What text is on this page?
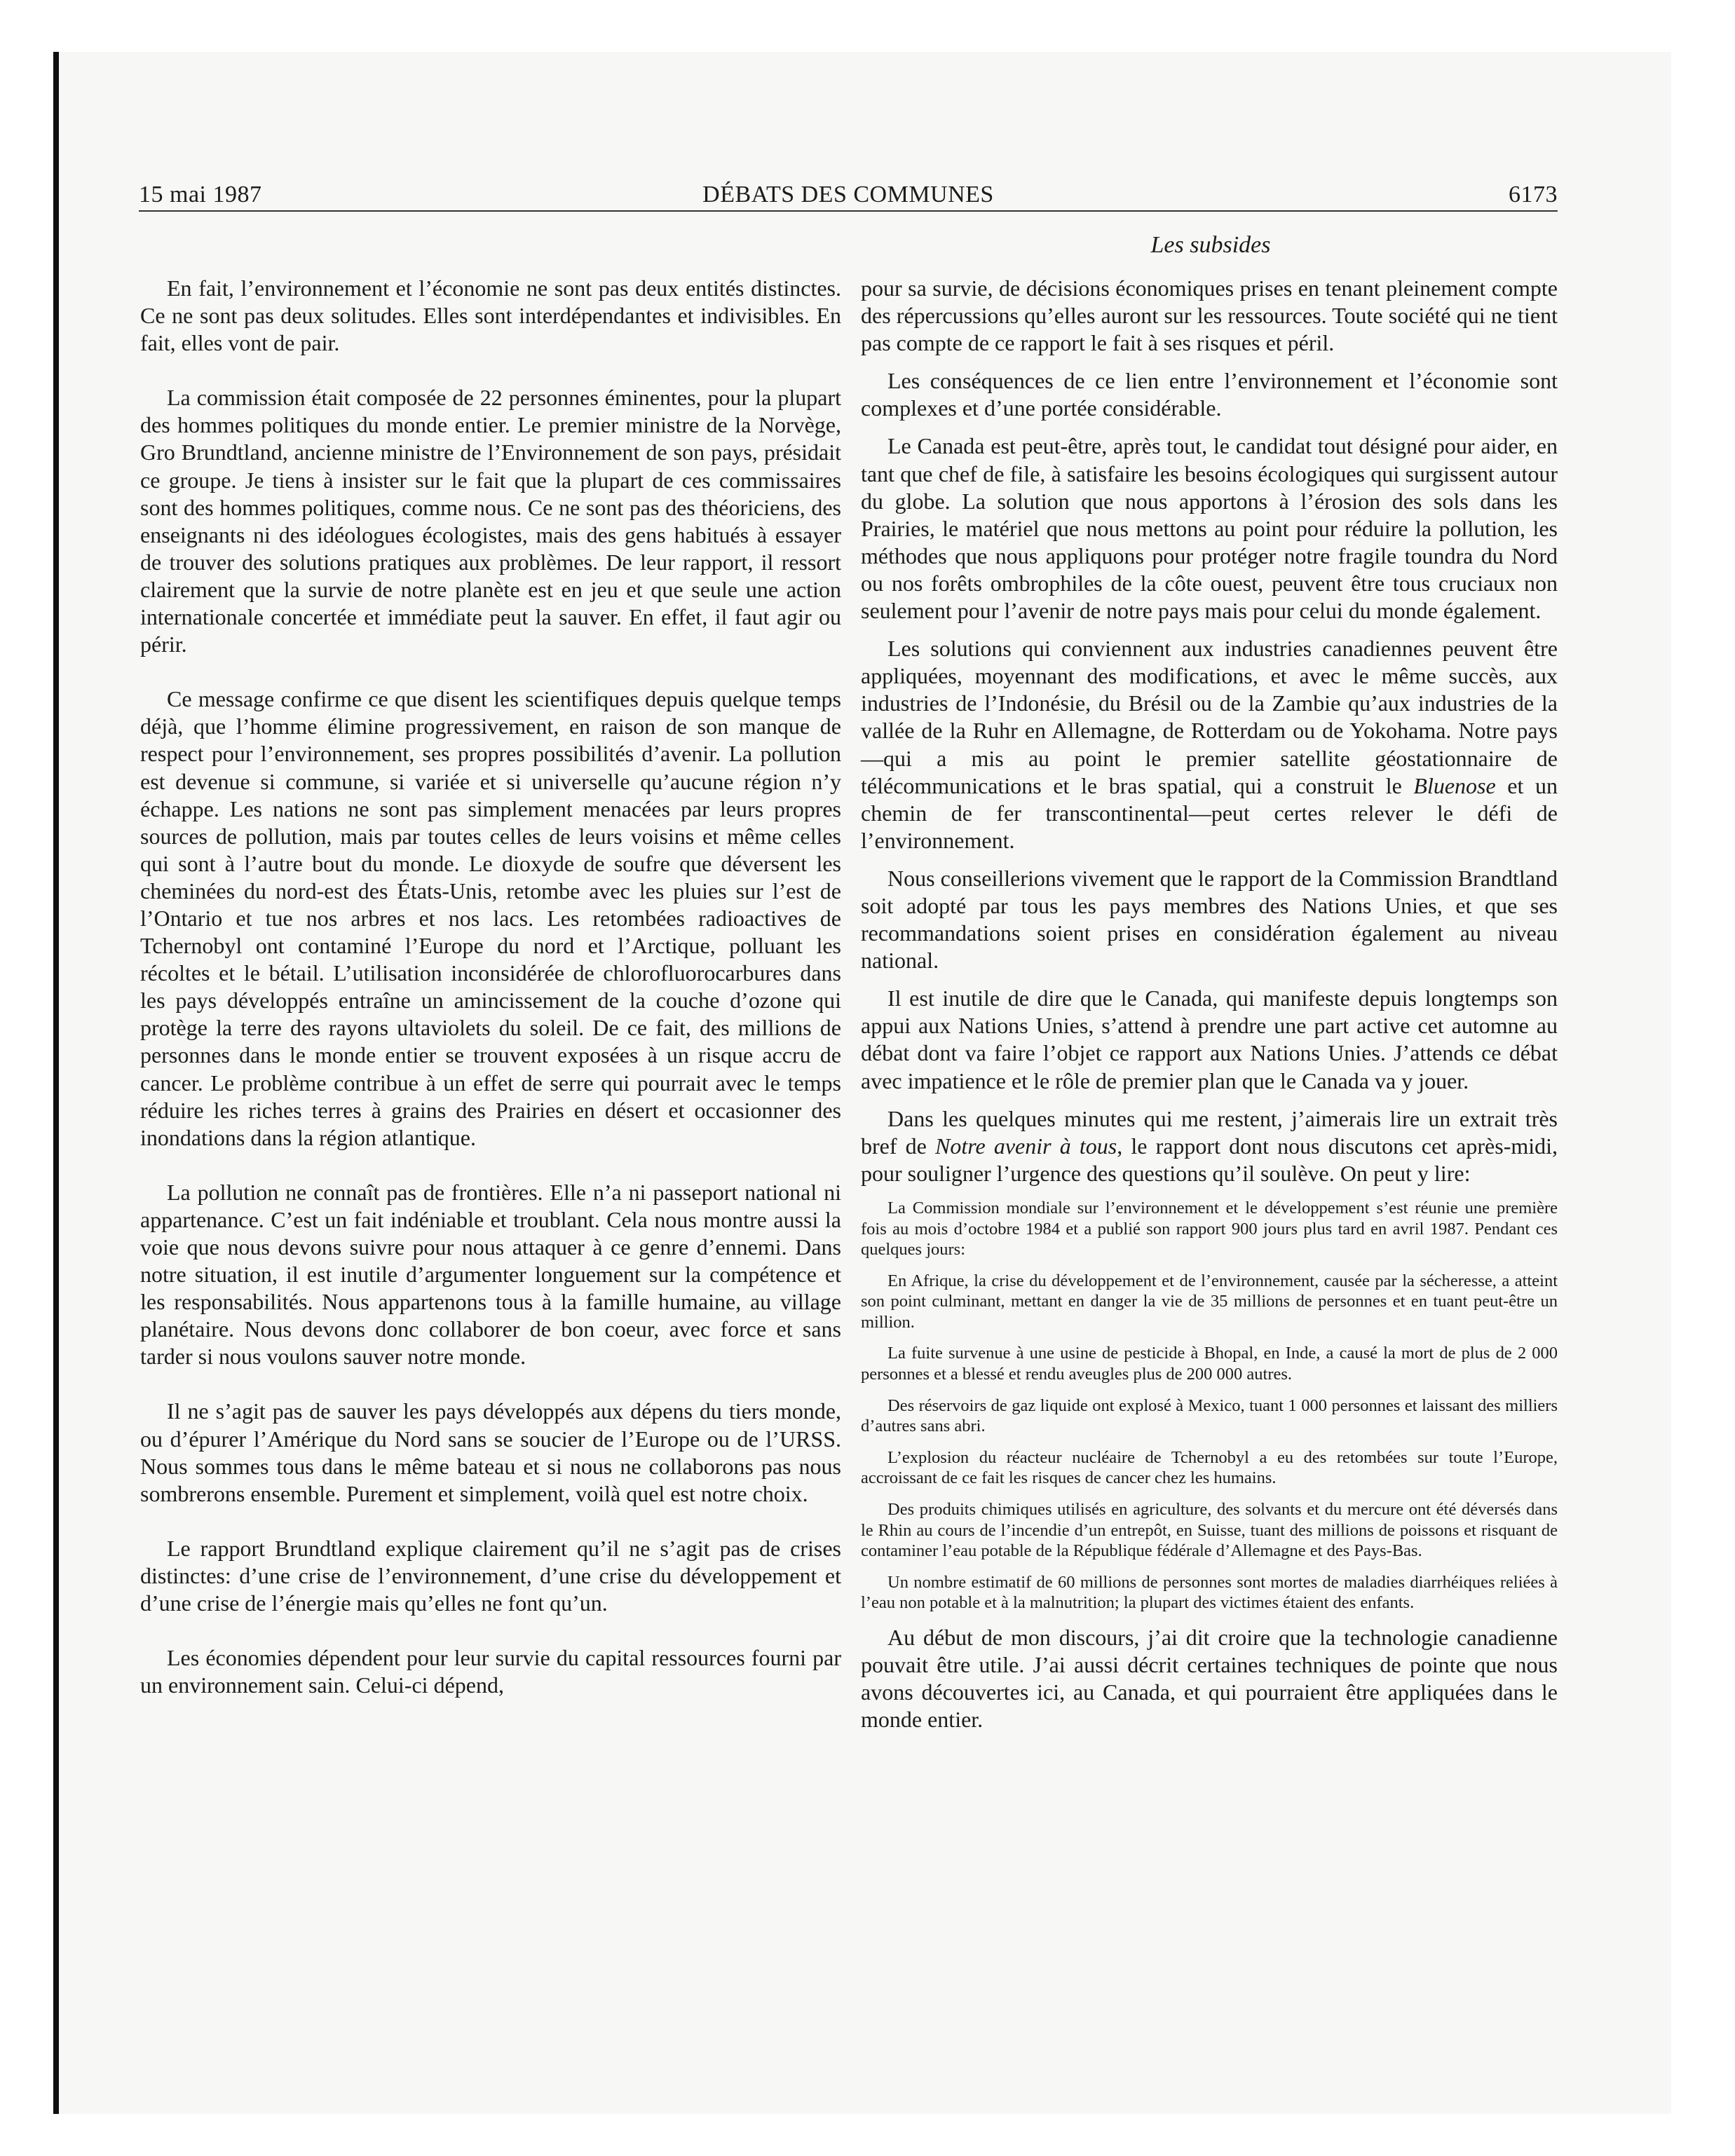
15 mai 1987	DÉBATS DES COMMUNES	6173
Les subsides

En fait, l’environnement et l’économie ne sont pas deux entités distinctes. Ce ne sont pas deux solitudes. Elles sont interdépendantes et indivisibles. En fait, elles vont de pair.

La commission était composée de 22 personnes éminentes, pour la plupart des hommes politiques du monde entier. Le premier ministre de la Norvège, Gro Brundtland, ancienne ministre de l’Environnement de son pays, présidait ce groupe. Je tiens à insister sur le fait que la plupart de ces commissaires sont des hommes politiques, comme nous. Ce ne sont pas des théoriciens, des enseignants ni des idéologues écologistes, mais des gens habitués à essayer de trouver des solutions pratiques aux problèmes. De leur rapport, il ressort clairement que la survie de notre planète est en jeu et que seule une action internationale concertée et immédiate peut la sauver. En effet, il faut agir ou périr.

Ce message confirme ce que disent les scientifiques depuis quelque temps déjà, que l’homme élimine progressivement, en raison de son manque de respect pour l’environnement, ses propres possibilités d’avenir. La pollution est devenue si commune, si variée et si universelle qu’aucune région n’y échappe. Les nations ne sont pas simplement menacées par leurs propres sources de pollution, mais par toutes celles de leurs voisins et même celles qui sont à l’autre bout du monde. Le dioxyde de soufre que déversent les cheminées du nord-est des États-Unis, retombe avec les pluies sur l’est de l’Ontario et tue nos arbres et nos lacs. Les retombées radioactives de Tchernobyl ont contaminé l’Europe du nord et l’Arctique, polluant les récoltes et le bétail. L’utilisation inconsidérée de chlorofluorocarbures dans les pays développés entraîne un amincissement de la couche d’ozone qui protège la terre des rayons ultaviolets du soleil. De ce fait, des millions de personnes dans le monde entier se trouvent exposées à un risque accru de cancer. Le problème contribue à un effet de serre qui pourrait avec le temps réduire les riches terres à grains des Prairies en désert et occasionner des inondations dans la région atlantique.

La pollution ne connaît pas de frontières. Elle n’a ni passeport national ni appartenance. C’est un fait indéniable et troublant. Cela nous montre aussi la voie que nous devons suivre pour nous attaquer à ce genre d’ennemi. Dans notre situation, il est inutile d’argumenter longuement sur la compétence et les responsabilités. Nous appartenons tous à la famille humaine, au village planétaire. Nous devons donc collaborer de bon coeur, avec force et sans tarder si nous voulons sauver notre monde.

Il ne s’agit pas de sauver les pays développés aux dépens du tiers monde, ou d’épurer l’Amérique du Nord sans se soucier de l’Europe ou de l’URSS. Nous sommes tous dans le même bateau et si nous ne collaborons pas nous sombrerons ensemble. Purement et simplement, voilà quel est notre choix.

Le rapport Brundtland explique clairement qu’il ne s’agit pas de crises distinctes: d’une crise de l’environnement, d’une crise du développement et d’une crise de l’énergie mais qu’elles ne font qu’un.

Les économies dépendent pour leur survie du capital ressources fourni par un environnement sain. Celui-ci dépend,

pour sa survie, de décisions économiques prises en tenant pleinement compte des répercussions qu’elles auront sur les ressources. Toute société qui ne tient pas compte de ce rapport le fait à ses risques et péril.

Les conséquences de ce lien entre l’environnement et l’économie sont complexes et d’une portée considérable.

Le Canada est peut-être, après tout, le candidat tout désigné pour aider, en tant que chef de file, à satisfaire les besoins écologiques qui surgissent autour du globe. La solution que nous apportons à l’érosion des sols dans les Prairies, le matériel que nous mettons au point pour réduire la pollution, les méthodes que nous appliquons pour protéger notre fragile toundra du Nord ou nos forêts ombrophiles de la côte ouest, peuvent être tous cruciaux non seulement pour l’avenir de notre pays mais pour celui du monde également.

Les solutions qui conviennent aux industries canadiennes peuvent être appliquées, moyennant des modifications, et avec le même succès, aux industries de l’Indonésie, du Brésil ou de la Zambie qu’aux industries de la vallée de la Ruhr en Allemagne, de Rotterdam ou de Yokohama. Notre pays—qui a mis au point le premier satellite géostationnaire de télécommunications et le bras spatial, qui a construit le Bluenose et un chemin de fer transcontinental—peut certes relever le défi de l’environnement.

Nous conseillerions vivement que le rapport de la Commission Brandtland soit adopté par tous les pays membres des Nations Unies, et que ses recommandations soient prises en considération également au niveau national.

Il est inutile de dire que le Canada, qui manifeste depuis longtemps son appui aux Nations Unies, s’attend à prendre une part active cet automne au débat dont va faire l’objet ce rapport aux Nations Unies. J’attends ce débat avec impatience et le rôle de premier plan que le Canada va y jouer.

Dans les quelques minutes qui me restent, j’aimerais lire un extrait très bref de Notre avenir à tous, le rapport dont nous discutons cet après-midi, pour souligner l’urgence des questions qu’il soulève. On peut y lire:

La Commission mondiale sur l’environnement et le développement s’est réunie une première fois au mois d’octobre 1984 et a publié son rapport 900 jours plus tard en avril 1987. Pendant ces quelques jours:

En Afrique, la crise du développement et de l’environnement, causée par la sécheresse, a atteint son point culminant, mettant en danger la vie de 35 millions de personnes et en tuant peut-être un million.

La fuite survenue à une usine de pesticide à Bhopal, en Inde, a causé la mort de plus de 2 000 personnes et a blessé et rendu aveugles plus de 200 000 autres.

Des réservoirs de gaz liquide ont explosé à Mexico, tuant 1 000 personnes et laissant des milliers d’autres sans abri.

L’explosion du réacteur nucléaire de Tchernobyl a eu des retombées sur toute l’Europe, accroissant de ce fait les risques de cancer chez les humains.

Des produits chimiques utilisés en agriculture, des solvants et du mercure ont été déversés dans le Rhin au cours de l’incendie d’un entrepôt, en Suisse, tuant des millions de poissons et risquant de contaminer l’eau potable de la République fédérale d’Allemagne et des Pays-Bas.

Un nombre estimatif de 60 millions de personnes sont mortes de maladies diarrhéiques reliées à l’eau non potable et à la malnutrition; la plupart des victimes étaient des enfants.

Au début de mon discours, j’ai dit croire que la technologie canadienne pouvait être utile. J’ai aussi décrit certaines techniques de pointe que nous avons découvertes ici, au Canada, et qui pourraient être appliquées dans le monde entier.
